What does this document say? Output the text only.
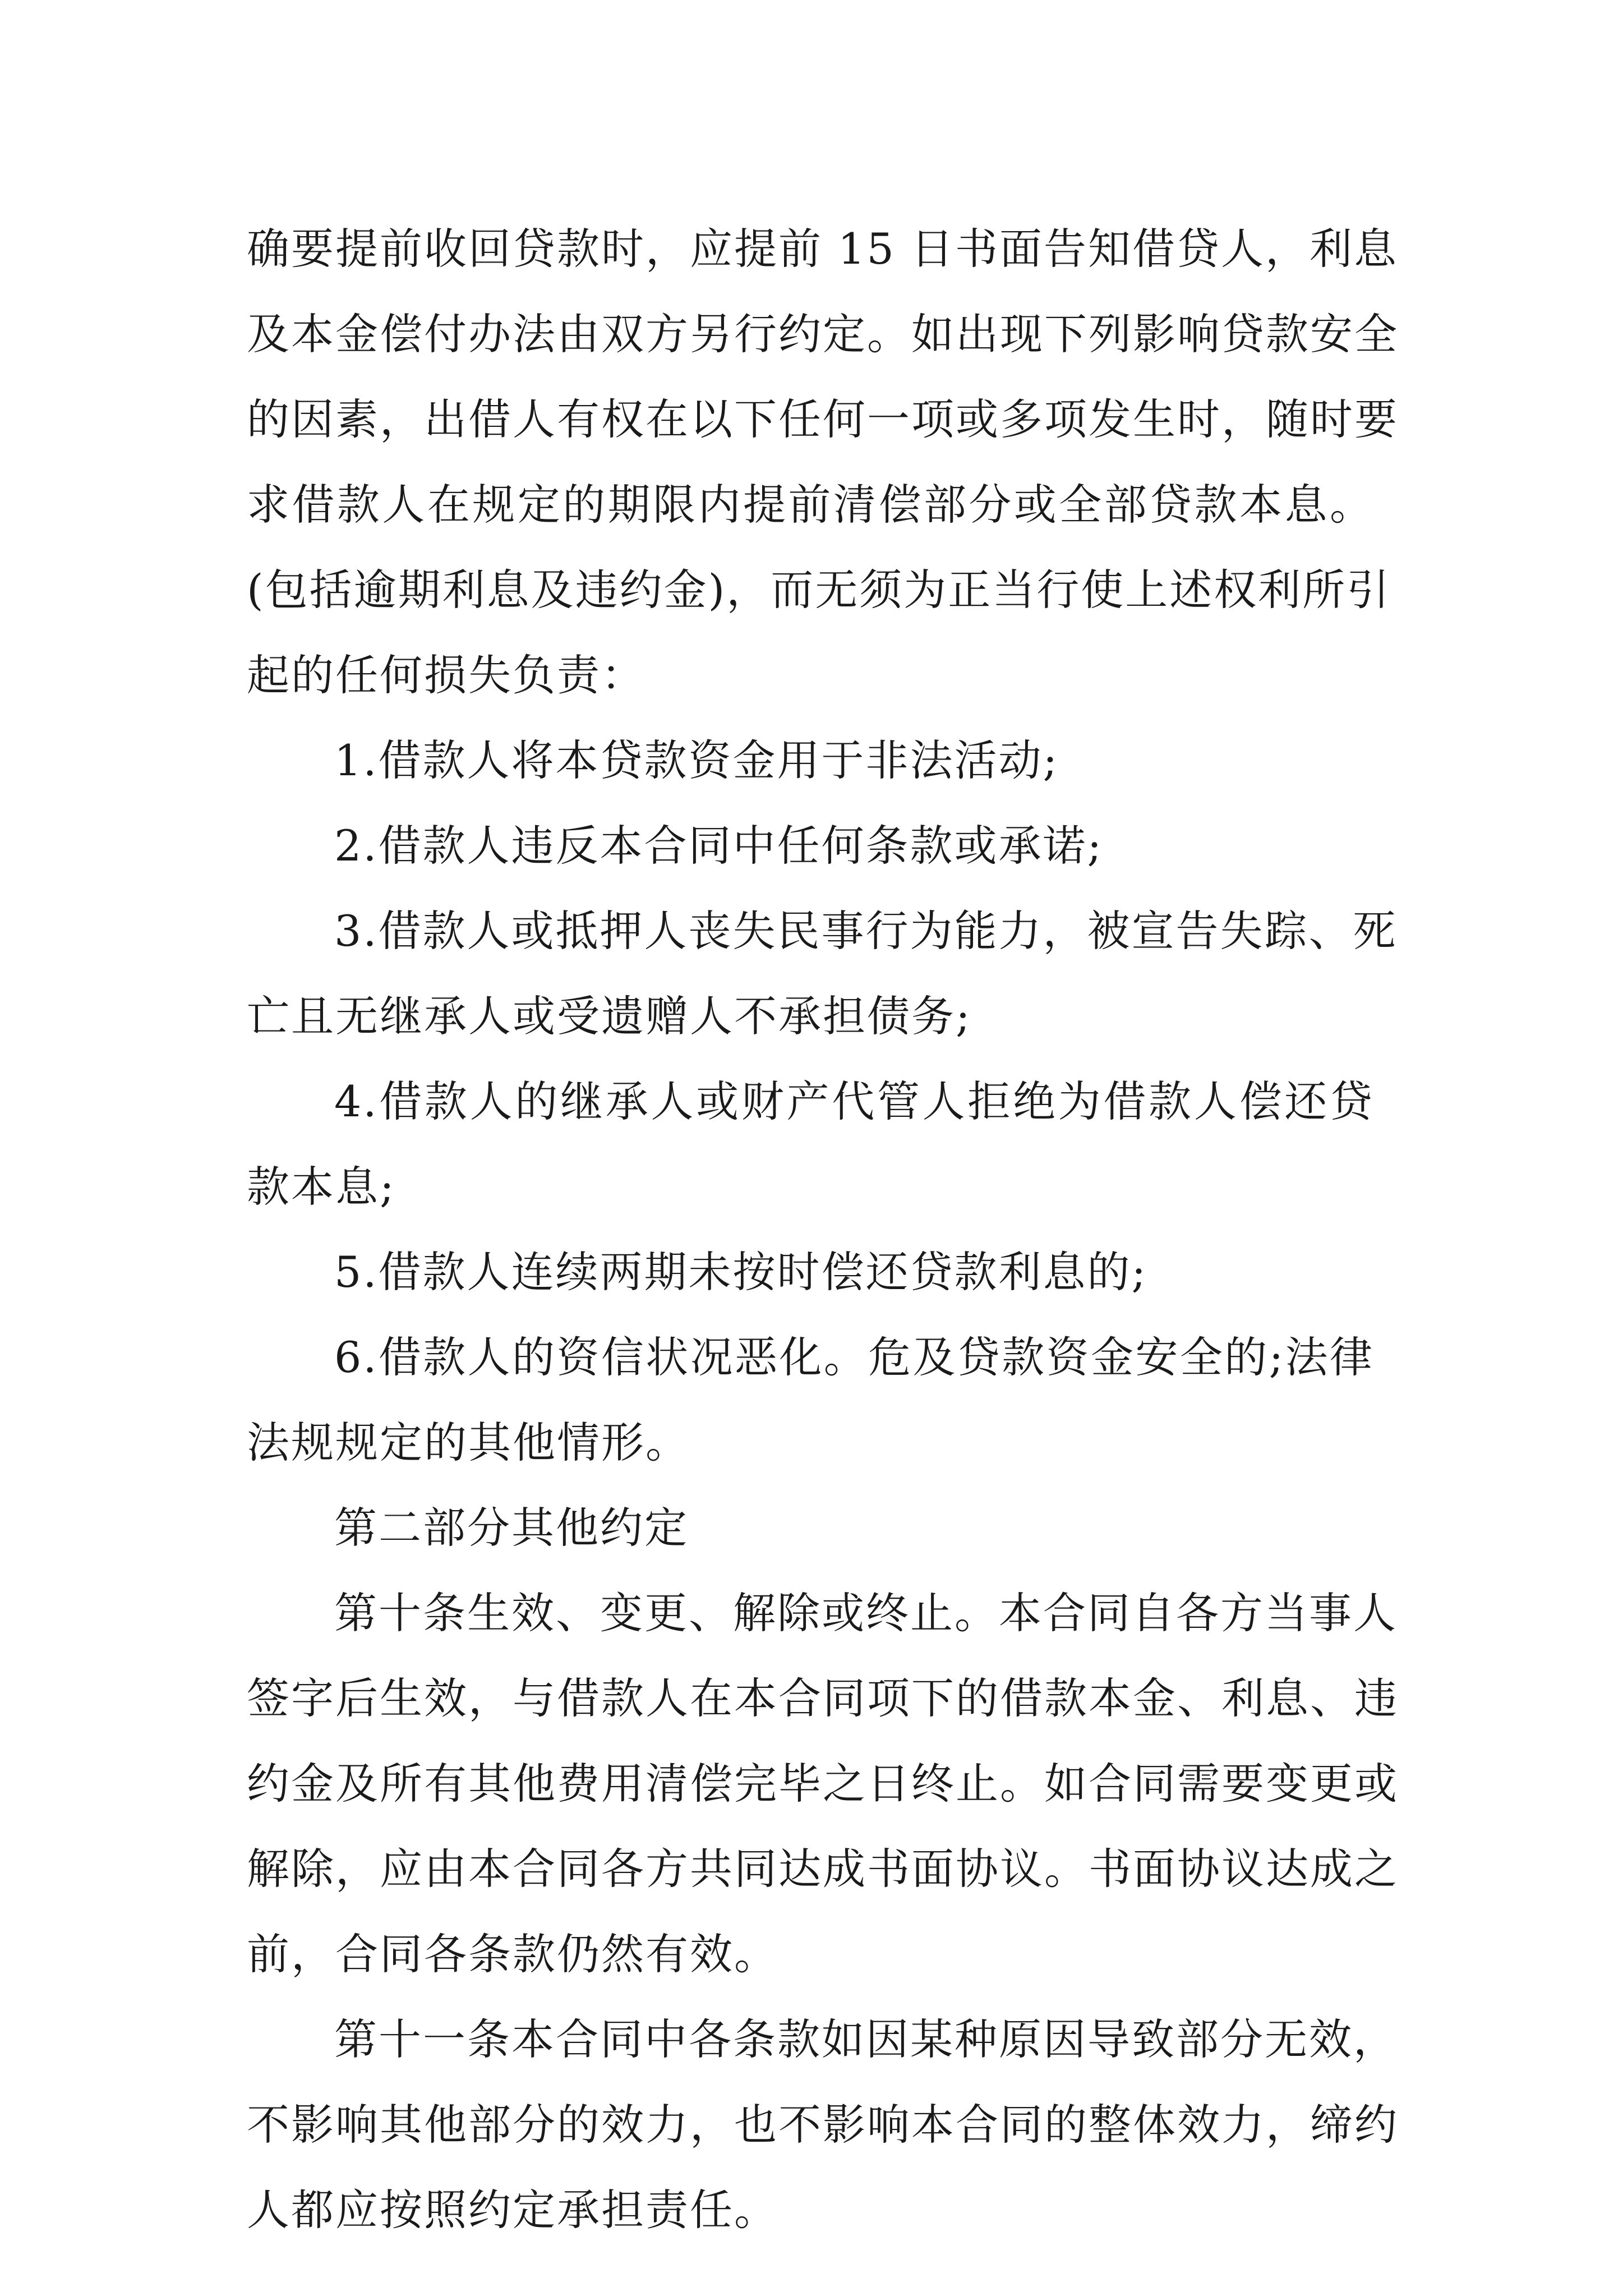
确要提前收回贷款时，应提前 15 日书面告知借贷人，利息
及本金偿付办法由双方另行约定。如出现下列影响贷款安全
的因素，出借人有权在以下任何一项或多项发生时，随时要
求借款人在规定的期限内提前清偿部分或全部贷款本息。
(包括逾期利息及违约金)，而无须为正当行使上述权利所引
起的任何损失负责：
1.借款人将本贷款资金用于非法活动;
2.借款人违反本合同中任何条款或承诺;
3.借款人或抵押人丧失民事行为能力，被宣告失踪、死
亡且无继承人或受遗赠人不承担债务;
4.借款人的继承人或财产代管人拒绝为借款人偿还贷
款本息;
5.借款人连续两期未按时偿还贷款利息的;
6.借款人的资信状况恶化。危及贷款资金安全的;法律
法规规定的其他情形。
第二部分其他约定
第十条生效、变更、解除或终止。本合同自各方当事人
签字后生效，与借款人在本合同项下的借款本金、利息、违
约金及所有其他费用清偿完毕之日终止。如合同需要变更或
解除，应由本合同各方共同达成书面协议。书面协议达成之
前，合同各条款仍然有效。
第十一条本合同中各条款如因某种原因导致部分无效，
不影响其他部分的效力，也不影响本合同的整体效力，缔约
人都应按照约定承担责任。
